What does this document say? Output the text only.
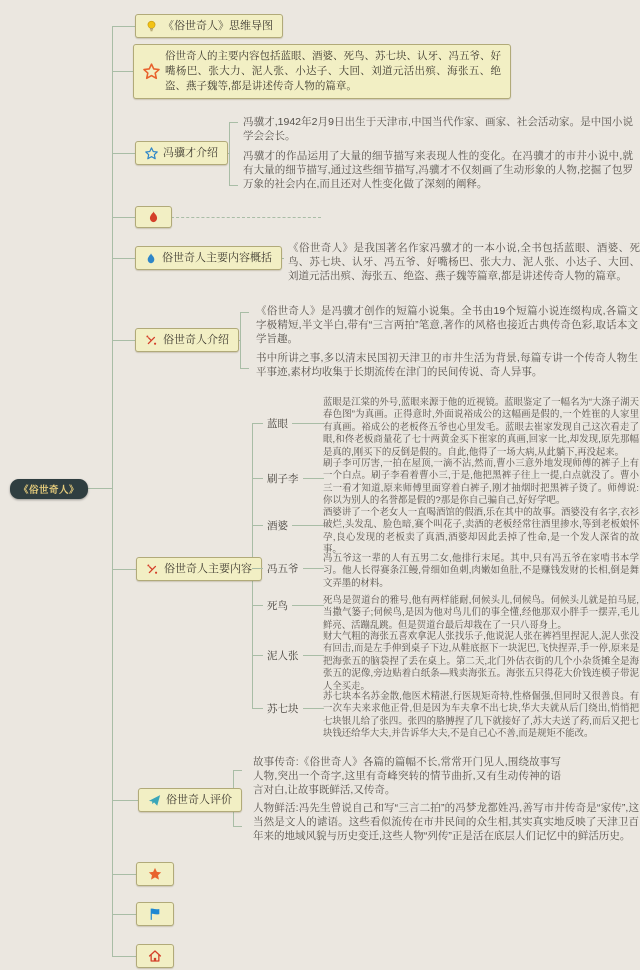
《俗世奇人》
《俗世奇人》思维导图
俗世奇人的主要内容包括蓝眼、酒婆、死鸟、苏七块、认牙、冯五爷、好嘴杨巴、张大力、泥人张、小达子、大回、刘道元活出殡、海张五、绝盗、燕子魏等,都是讲述传奇人物的篇章。
冯骥才介绍
俗世奇人主要内容概括
俗世奇人介绍
俗世奇人主要内容
俗世奇人评价
冯骥才,1942年2月9日出生于天津市,中国当代作家、画家、社会活动家。是中国小说学会会长。
冯骥才的作品运用了大量的细节描写来表现人性的变化。在冯骥才的市井小说中,就有大量的细节描写,通过这些细节描写,冯骥才不仅刻画了生动形象的人物,挖掘了包罗万象的社会内在,而且还对人性变化做了深刻的阐释。
《俗世奇人》是我国著名作家冯骥才的一本小说,全书包括蓝眼、酒婆、死鸟、苏七块、认牙、冯五爷、好嘴杨巴、张大力、泥人张、小达子、大回、刘道元活出殡、海张五、绝盗、燕子魏等篇章,都是讲述传奇人物的篇章。
《俗世奇人》是冯骥才创作的短篇小说集。全书由19个短篇小说连缀构成,各篇文字极精短,半文半白,带有“三言两拍”笔意,著作的风格也接近古典传奇色彩,取话本文学旨趣。
书中所讲之事,多以清末民国初天津卫的市井生活为背景,每篇专讲一个传奇人物生平事迹,素材均收集于长期流传在津门的民间传说、奇人异事。
故事传奇:《俗世奇人》各篇的篇幅不长,常常开门见人,围绕故事写人物,突出一个奇字,这里有奇峰突转的情节曲折,又有生动传神的语言对白,让故事既鲜活,又传奇。
人物鲜活:冯先生曾说自己和写“三言二拍”的冯梦龙都姓冯,善写市井传奇是“家传”,这当然是文人的谑语。这些看似流传在市井民间的众生相,其实真实地反映了天津卫百年来的地域风貌与历史变迁,这些人物“列传”正是活在底层人们记忆中的鲜活历史。
蓝眼
刷子李
酒婆
冯五爷
死鸟
泥人张
苏七块
蓝眼是江棠的外号,蓝眼来源于他的近视镜。蓝眼鉴定了一幅名为“大涤子湖天春色图”为真画。正得意时,外面说裕成公的这幅画是假的,一个姓崔的人家里有真画。裕成公的老板佟五爷也心里发毛。蓝眼去崔家发现自己这次看走了眼,和佟老板商量花了七十两黄金买下崔家的真画,回家一比,却发现,原先那幅是真的,刚买下的反倒是假的。自此,他得了一场大病,从此躺下,再没起来。
刷子李可厉害,一拍在屋顶,一滴不沾,然而,曹小三意外地发现师傅的裤子上有一个白点。刷子李看着曹小三,于是,他把黑裤子往上一提,白点就没了。曹小三一看才知道,原来师傅里面穿着白裤子,刚才抽烟时把黑裤子烫了。师傅说:你以为别人的名誉都是假的?那是你自己骗自己,好好学吧。
酒婆讲了一个老女人一直喝酒馆的假酒,乐在其中的故事。酒婆没有名字,衣衫破烂,头发乱、脸色暗,赛个叫花子,卖酒的老板经常往酒里掺水,等到老板娘怀孕,良心发现的老板卖了真酒,酒婆却因此丢掉了性命,是一个发人深省的故事。
冯五爷这一辈的人有五男二女,他排行末尾。其中,只有冯五爷在家啃书本学习。他人长得赛条江鳗,骨细如鱼刺,肉嫩如鱼肚,不是赚钱发财的长相,倒是舞文弄墨的材料。
死鸟是贺道台的雅号,他有两样能耐,伺候头儿,伺候鸟。伺候头儿就是拍马屁,当撒气篓子;伺候鸟,是因为他对鸟儿们的事全懂,经他那双小胖手一摆弄,毛儿鲜亮、活蹦乱跳。但是贺道台最后却栽在了一只八哥身上。
财大气粗的海张五喜欢拿泥人张找乐子,他说泥人张在裤裆里捏泥人,泥人张没有回击,而是左手伸到桌子下边,从鞋底抠下一块泥巴,飞快捏弄,手一停,原来是把海张五的脑袋捏了丢在桌上。第二天,北门外估衣街的几个小杂货摊全是海张五的泥像,旁边贴着白纸条—贱卖海张五。海张五只得花大价钱连模子带泥人全买走。
苏七块本名苏金散,他医术精湛,行医规矩奇特,性格倔强,但同时又很善良。有一次车夫来求他正骨,但是因为车夫拿不出七块,华大夫就从后门绕出,悄悄把七块银儿给了张四。张四的胳膊捏了几下就接好了,苏大夫送了药,而后又把七块钱还给华大夫,并告诉华大夫,不是自己心不善,而是规矩不能改。
